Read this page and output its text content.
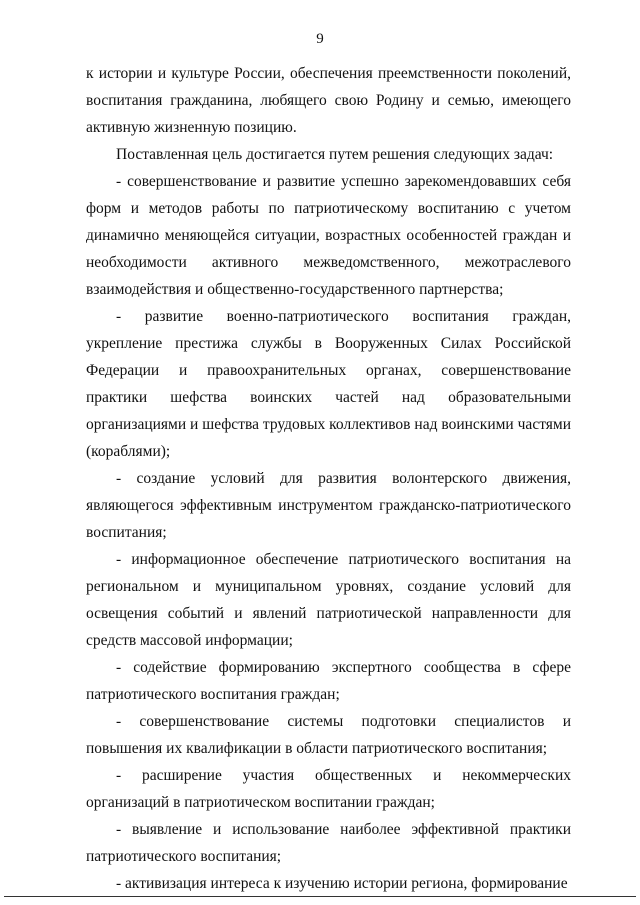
9

к истории и культуре России, обеспечения преемственности поколений, воспитания гражданина, любящего свою Родину и семью, имеющего активную жизненную позицию.

Поставленная цель достигается путем решения следующих задач:

- совершенствование и развитие успешно зарекомендовавших себя форм и методов работы по патриотическому воспитанию с учетом динамично меняющейся ситуации, возрастных особенностей граждан и необходимости активного межведомственного, межотраслевого взаимодействия и общественно-государственного партнерства;

- развитие военно-патриотического воспитания граждан, укрепление престижа службы в Вооруженных Силах Российской Федерации и правоохранительных органах, совершенствование практики шефства воинских частей над образовательными организациями и шефства трудовых коллективов над воинскими частями (кораблями);

- создание условий для развития волонтерского движения, являющегося эффективным инструментом гражданско-патриотического воспитания;

- информационное обеспечение патриотического воспитания на региональном и муниципальном уровнях, создание условий для освещения событий и явлений патриотической направленности для средств массовой информации;

- содействие формированию экспертного сообщества в сфере патриотического воспитания граждан;

- совершенствование системы подготовки специалистов и повышения их квалификации в области патриотического воспитания;

- расширение участия общественных и некоммерческих организаций в патриотическом воспитании граждан;

- выявление и использование наиболее эффективной практики патриотического воспитания;

- активизация интереса к изучению истории региона, формирование
